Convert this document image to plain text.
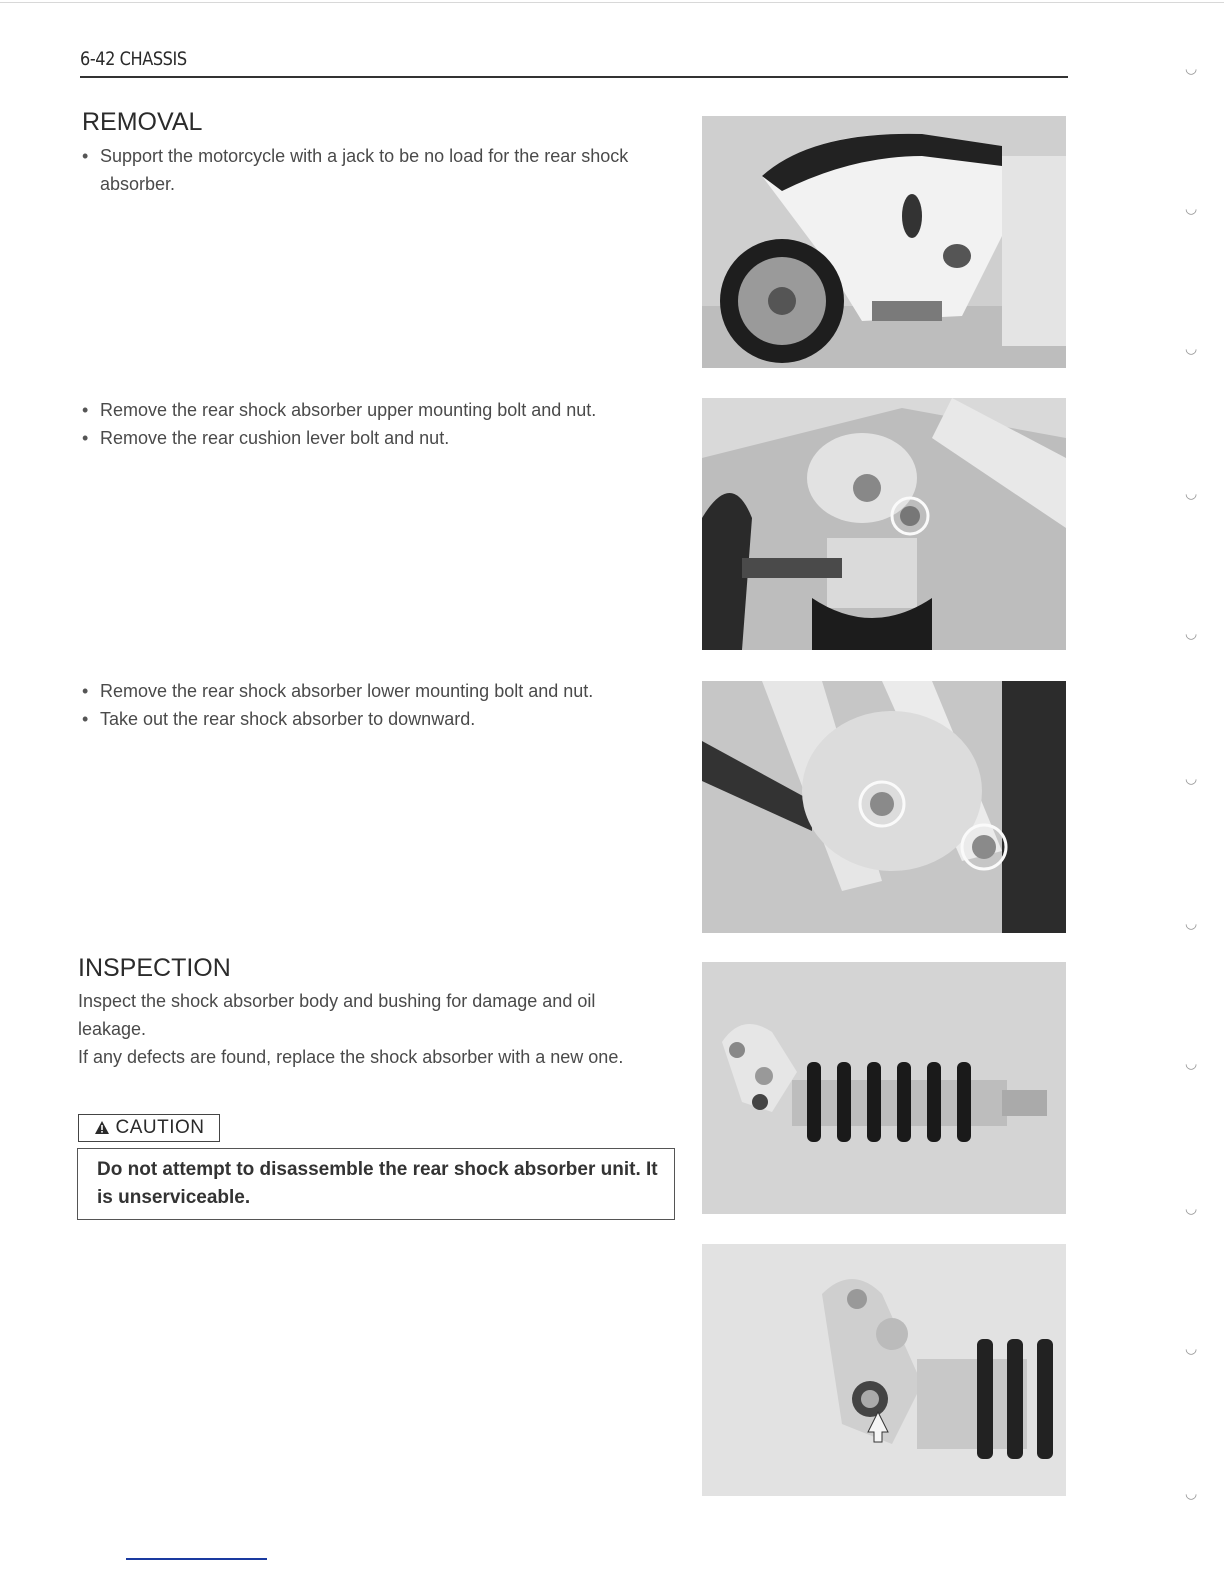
6-42 CHASSIS
REMOVAL
• Support the motorcycle with a jack to be no load for the rear shock absorber.
• Remove the rear shock absorber upper mounting bolt and nut.
• Remove the rear cushion lever bolt and nut.
• Remove the rear shock absorber lower mounting bolt and nut.
• Take out the rear shock absorber to downward.
INSPECTION

Inspect the shock absorber body and bushing for damage and oil leakage.

If any defects are found, replace the shock absorber with a new one.

CAUTION
Do not attempt to disassemble the rear shock absorber unit. It is unserviceable.
◡
◡
◡
◡
◡
◡
◡
◡
◡
◡
◡
